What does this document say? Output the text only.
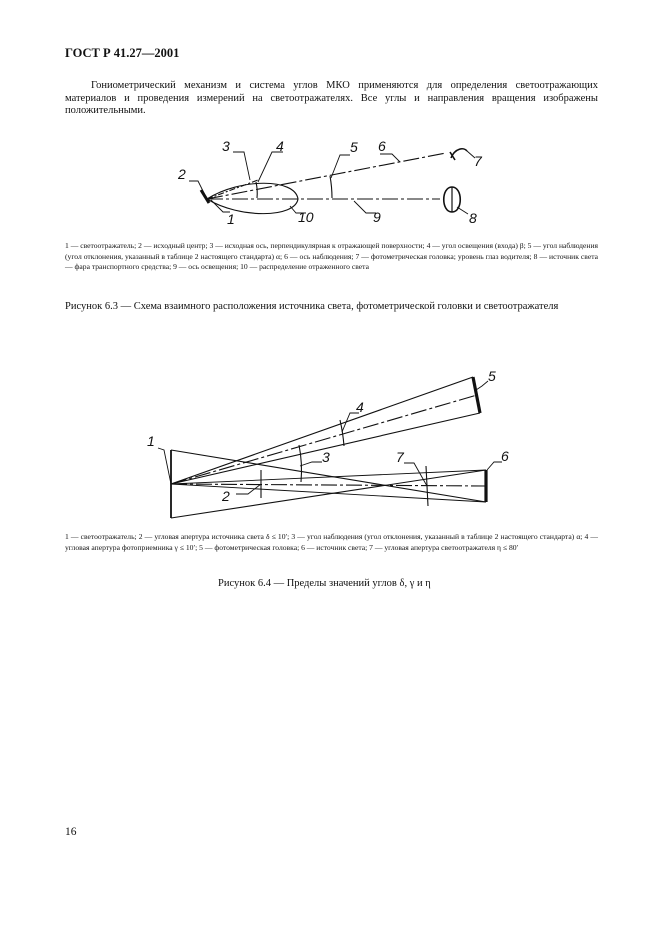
ГОСТ Р 41.27—2001
Гониометрический механизм и система углов МКО применяются для определения светоотражающих материалов и проведения измерений на светоотражателях. Все углы и направления вращения изображены положительными.
2
3	4
1
5 6
10	9
7
8

1 — светоотражатель; 2 — исходный центр; 3 — исходная ось, перпендикулярная к отражающей поверхности; 4 — угол освещения (входа) β; 5 — угол наблюдения (угол отклонения, указанный в таблице 2 настоящего стандарта) α; 6 — ось наблюдения; 7 — фотометрическая головка; уровень глаз водителя; 8 — источник света — фара транспортного средства; 9 — ось освещения; 10 — распределение отраженного света

Рисунок 6.3 — Схема взаимного расположения источника света, фотометрической головки и светоотражателя
1
2
3
4
5
6
7

1 — светоотражатель; 2 — угловая апертура источника света δ ≤ 10′; 3 — угол наблюдения (угол отклонения, указанный в таблице 2 настоящего стандарта) α; 4 — угловая апертура фотоприемника γ ≤ 10′; 5 — фотометрическая головка; 6 — источник света; 7 — угловая апертура светоотражателя η ≤ 80′

Рисунок 6.4 — Пределы значений углов δ, γ и η
16
